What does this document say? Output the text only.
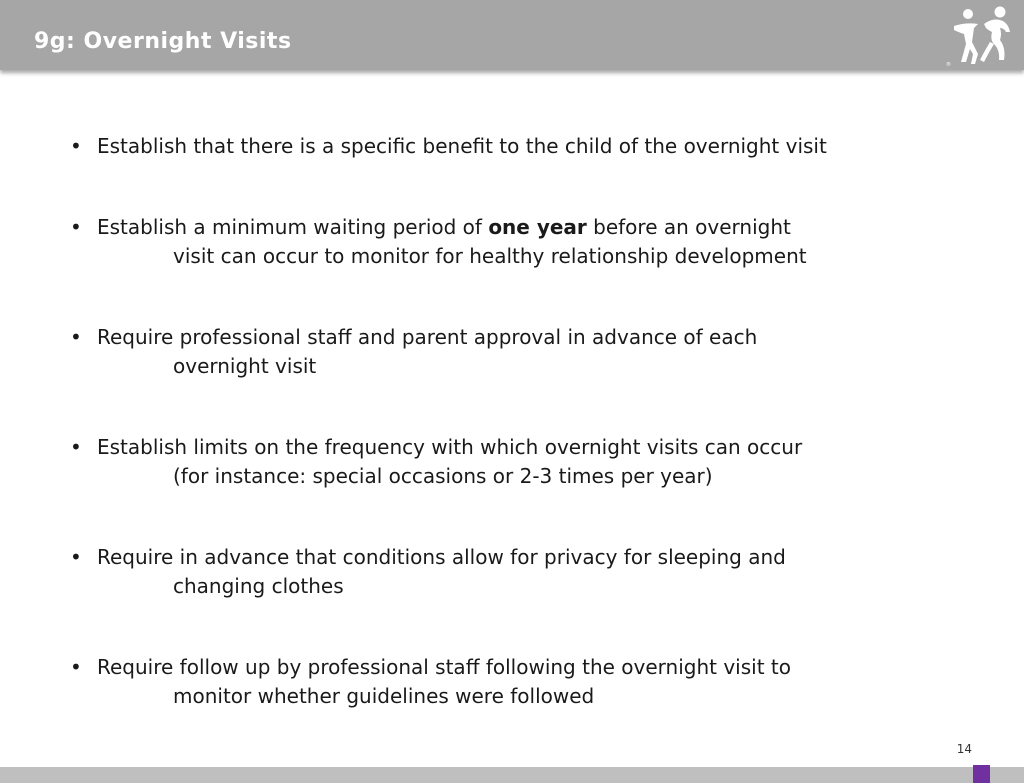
9g: Overnight Visits
®
• Establish that there is a specific benefit to the child of the overnight visit
• Establish a minimum waiting period of one year before an overnight
visit can occur to monitor for healthy relationship development
• Require professional staff and parent approval in advance of each
overnight visit
• Establish limits on the frequency with which overnight visits can occur
(for instance: special occasions or 2-3 times per year)
• Require in advance that conditions allow for privacy for sleeping and
changing clothes
• Require follow up by professional staff following the overnight visit to
monitor whether guidelines were followed
14
